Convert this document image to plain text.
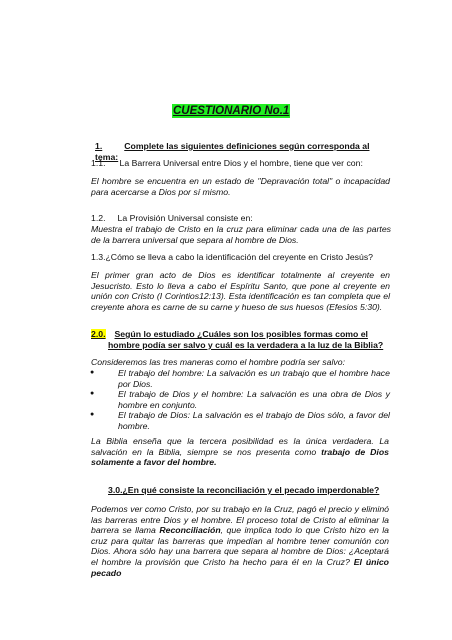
CUESTIONARIO No.1

1.	Complete las siguientes definiciones según corresponda al tema:

1.1. La Barrera Universal entre Dios y el hombre, tiene que ver con:

El hombre se encuentra en un estado de "Depravación total" o incapacidad para acercarse a Dios por sí mismo.

1.2. La Provisión Universal consiste en:

Muestra el trabajo de Cristo en la cruz para eliminar cada una de las partes de la barrera universal que separa al hombre de Dios.

1.3.¿Cómo se lleva a cabo la identificación del creyente en Cristo Jesús?

El primer gran acto de Dios es identificar totalmente al creyente en Jesucristo. Esto lo lleva a cabo el Espíritu Santo, que pone al creyente en unión con Cristo (I Corintios12:13). Esta identificación es tan completa que el creyente ahora es carne de su carne y hueso de sus huesos (Efesios 5:30).

2.0. Según lo estudiado ¿Cuáles son los posibles formas como el

hombre podía ser salvo y cuál es la verdadera a la luz de la Biblia?

Consideremos las tres maneras como el hombre podría ser salvo:

●	El trabajo del hombre: La salvación es un trabajo que el hombre hace por Dios.
●	El trabajo de Dios y el hombre: La salvación es una obra de Dios y hombre en conjunto.
●	El trabajo de Dios: La salvación es el trabajo de Dios sólo, a favor del hombre.

La Biblia enseña que la tercera posibilidad es la única verdadera. La salvación en la Biblia, siempre se nos presenta como trabajo de Dios solamente a favor del hombre.

3.0.¿En qué consiste la reconciliación y el pecado imperdonable?

Podemos ver como Cristo, por su trabajo en la Cruz, pagó el precio y eliminó las barreras entre Dios y el hombre. El proceso total de Cristo al eliminar la barrera se llama Reconciliación, que implica todo lo que Cristo hizo en la cruz para quitar las barreras que impedían al hombre tener comunión con Dios. Ahora sólo hay una barrera que separa al hombre de Dios: ¿Aceptará el hombre la provisión que Cristo ha hecho para él en la Cruz? El único pecado
